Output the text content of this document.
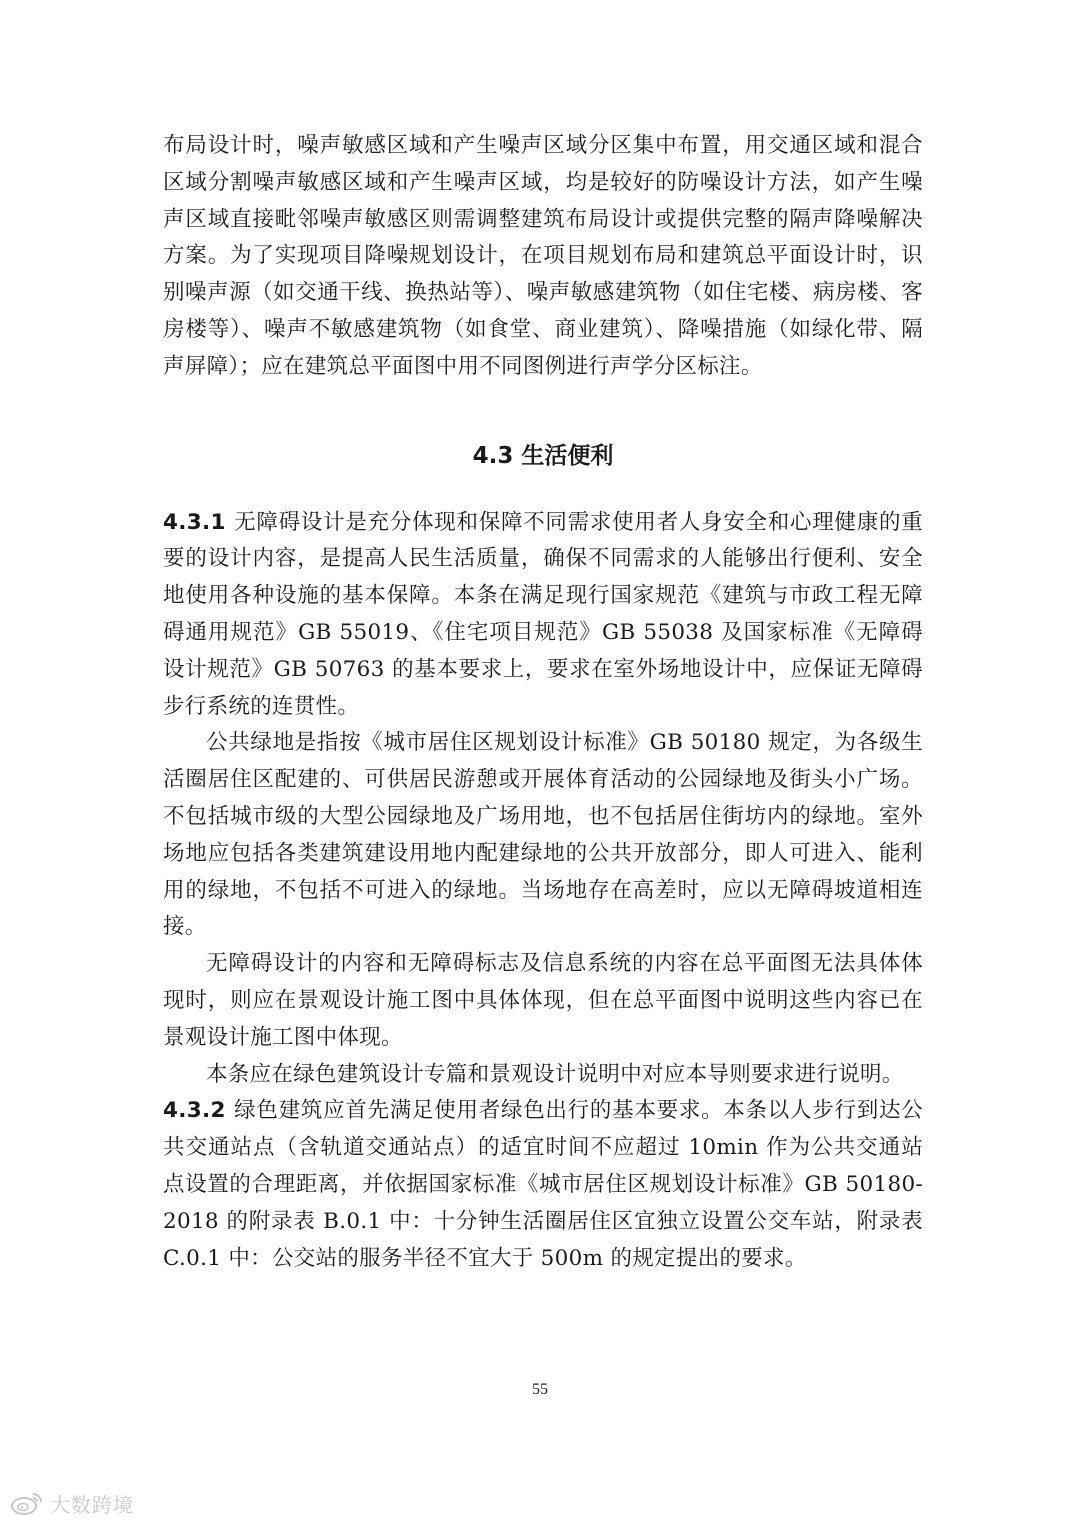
布局设计时，噪声敏感区域和产生噪声区域分区集中布置，用交通区域和混合区域分割噪声敏感区域和产生噪声区域，均是较好的防噪设计方法，如产生噪声区域直接毗邻噪声敏感区则需调整建筑布局设计或提供完整的隔声降噪解决方案。为了实现项目降噪规划设计，在项目规划布局和建筑总平面设计时，识别噪声源（如交通干线、换热站等）、噪声敏感建筑物（如住宅楼、病房楼、客房楼等）、噪声不敏感建筑物（如食堂、商业建筑）、降噪措施（如绿化带、隔声屏障）；应在建筑总平面图中用不同图例进行声学分区标注。

4.3 生活便利

4.3.1 无障碍设计是充分体现和保障不同需求使用者人身安全和心理健康的重要的设计内容，是提高人民生活质量，确保不同需求的人能够出行便利、安全地使用各种设施的基本保障。本条在满足现行国家规范《建筑与市政工程无障碍通用规范》GB 55019、《住宅项目规范》GB 55038 及国家标准《无障碍设计规范》GB 50763 的基本要求上，要求在室外场地设计中，应保证无障碍步行系统的连贯性。

公共绿地是指按《城市居住区规划设计标准》GB 50180 规定，为各级生活圈居住区配建的、可供居民游憩或开展体育活动的公园绿地及街头小广场。不包括城市级的大型公园绿地及广场用地，也不包括居住街坊内的绿地。室外场地应包括各类建筑建设用地内配建绿地的公共开放部分，即人可进入、能利用的绿地，不包括不可进入的绿地。当场地存在高差时，应以无障碍坡道相连接。

无障碍设计的内容和无障碍标志及信息系统的内容在总平面图无法具体体现时，则应在景观设计施工图中具体体现，但在总平面图中说明这些内容已在景观设计施工图中体现。

本条应在绿色建筑设计专篇和景观设计说明中对应本导则要求进行说明。

4.3.2 绿色建筑应首先满足使用者绿色出行的基本要求。本条以人步行到达公共交通站点（含轨道交通站点）的适宜时间不应超过 10min 作为公共交通站点设置的合理距离，并依据国家标准《城市居住区规划设计标准》GB 50180-2018 的附录表 B.0.1 中：十分钟生活圈居住区宜独立设置公交车站，附录表 C.0.1 中：公交站的服务半径不宜大于 500m 的规定提出的要求。

55
大数跨境
